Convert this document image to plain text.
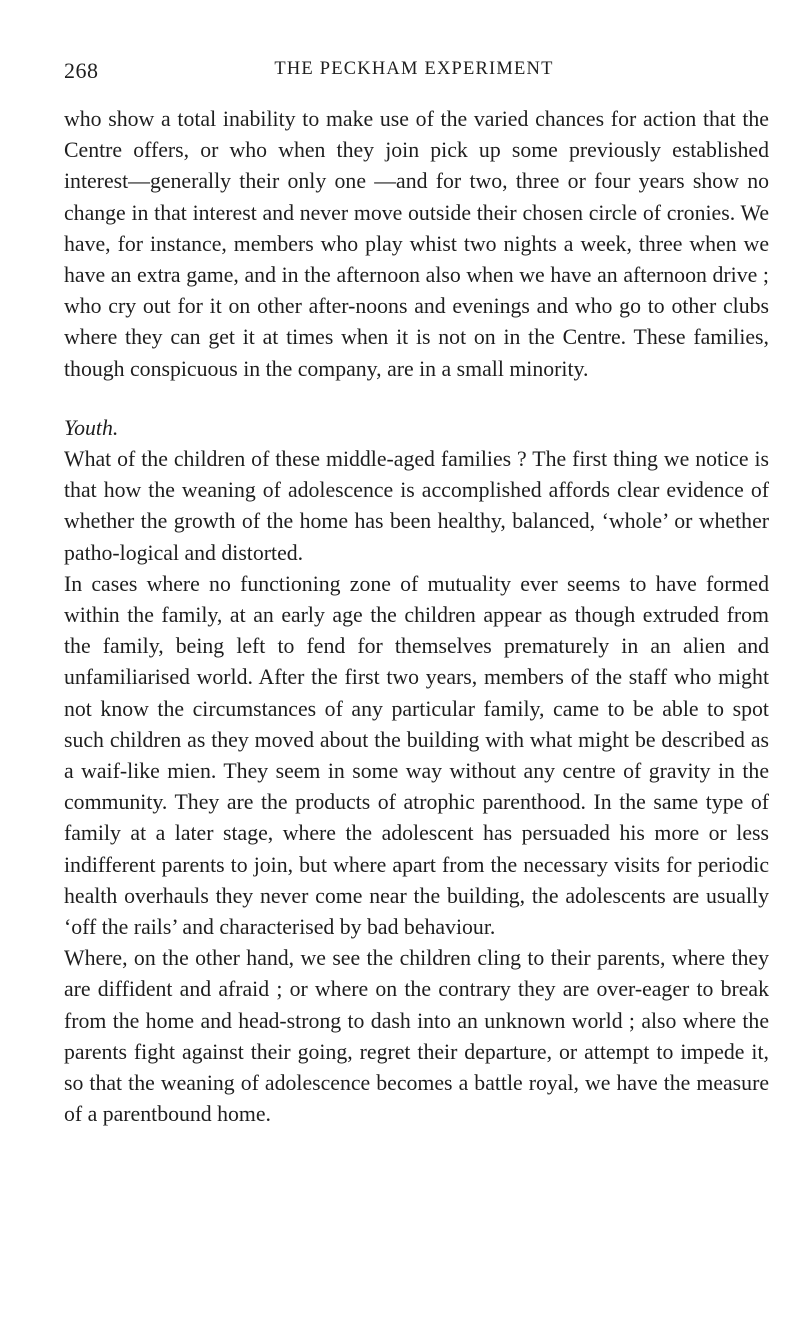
268	THE PECKHAM EXPERIMENT

who show a total inability to make use of the varied chances for action that the Centre offers, or who when they join pick up some previously established interest—generally their only one —and for two, three or four years show no change in that interest and never move outside their chosen circle of cronies. We have, for instance, members who play whist two nights a week, three when we have an extra game, and in the afternoon also when we have an afternoon drive ; who cry out for it on other after-noons and evenings and who go to other clubs where they can get it at times when it is not on in the Centre. These families, though conspicuous in the company, are in a small minority.

Youth.

What of the children of these middle-aged families ? The first thing we notice is that how the weaning of adolescence is accomplished affords clear evidence of whether the growth of the home has been healthy, balanced, ‘whole’ or whether patho-logical and distorted.

In cases where no functioning zone of mutuality ever seems to have formed within the family, at an early age the children appear as though extruded from the family, being left to fend for themselves prematurely in an alien and unfamiliarised world. After the first two years, members of the staff who might not know the circumstances of any particular family, came to be able to spot such children as they moved about the building with what might be described as a waif-like mien. They seem in some way without any centre of gravity in the community. They are the products of atrophic parenthood. In the same type of family at a later stage, where the adolescent has persuaded his more or less indifferent parents to join, but where apart from the necessary visits for periodic health overhauls they never come near the building, the adolescents are usually ‘off the rails’ and characterised by bad behaviour.

Where, on the other hand, we see the children cling to their parents, where they are diffident and afraid ; or where on the contrary they are over-eager to break from the home and head-strong to dash into an unknown world ; also where the parents fight against their going, regret their departure, or attempt to impede it, so that the weaning of adolescence becomes a battle royal, we have the measure of a parentbound home.
